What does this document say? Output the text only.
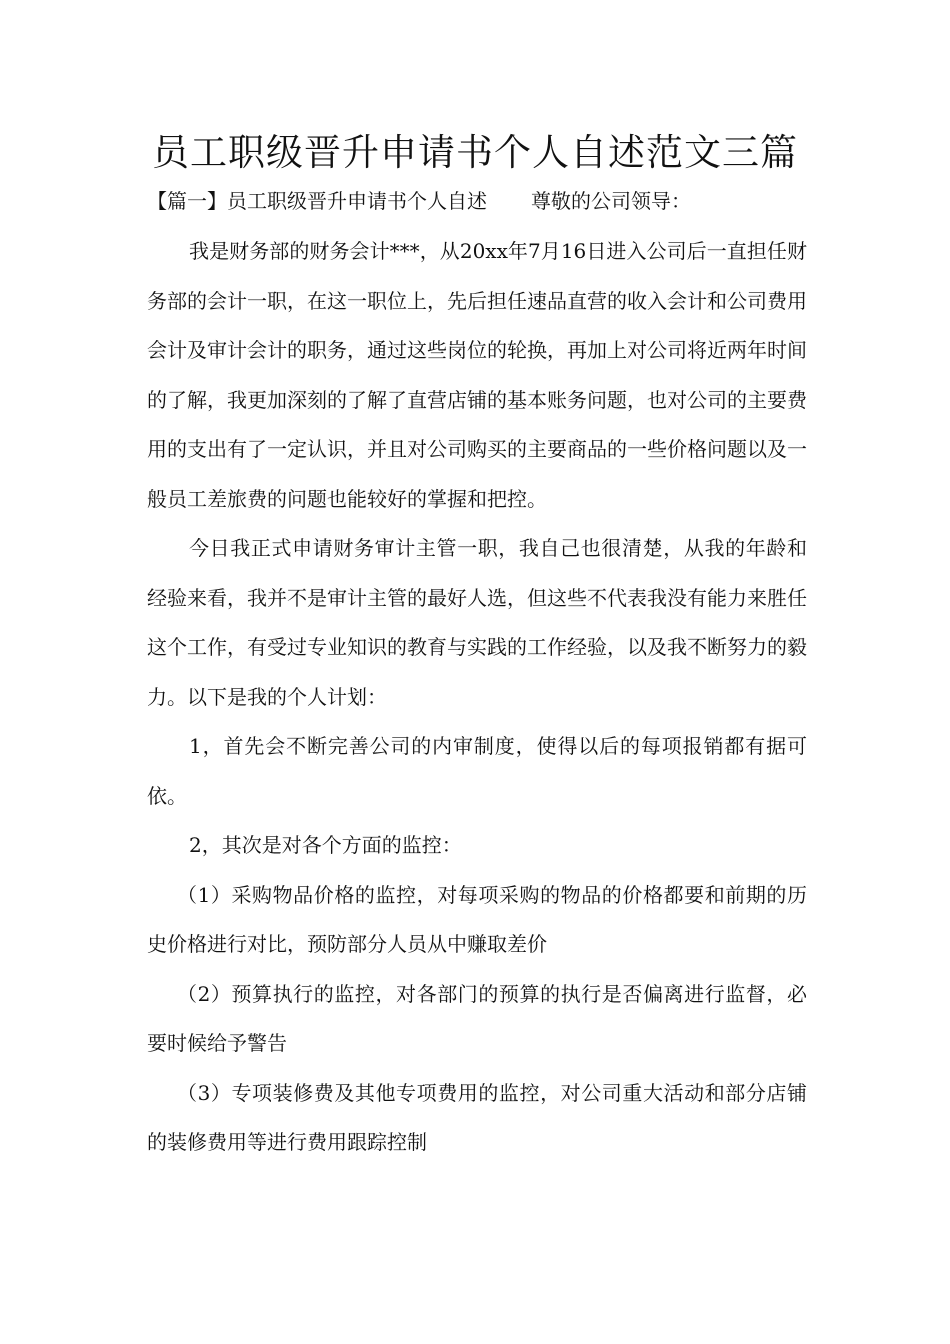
员工职级晋升申请书个人自述范文三篇
【篇一】员工职级晋升申请书个人自述 尊敬的公司领导：

我是财务部的财务会计***，从20xx年7月16日进入公司后一直担任财务部的会计一职，在这一职位上，先后担任速品直营的收入会计和公司费用会计及审计会计的职务，通过这些岗位的轮换，再加上对公司将近两年时间的了解，我更加深刻的了解了直营店铺的基本账务问题，也对公司的主要费用的支出有了一定认识，并且对公司购买的主要商品的一些价格问题以及一般员工差旅费的问题也能较好的掌握和把控。

今日我正式申请财务审计主管一职，我自己也很清楚，从我的年龄和经验来看，我并不是审计主管的最好人选，但这些不代表我没有能力来胜任这个工作，有受过专业知识的教育与实践的工作经验，以及我不断努力的毅力。以下是我的个人计划：

1，首先会不断完善公司的内审制度，使得以后的每项报销都有据可依。

2，其次是对各个方面的监控：

（1）采购物品价格的监控，对每项采购的物品的价格都要和前期的历史价格进行对比，预防部分人员从中赚取差价

（2）预算执行的监控，对各部门的预算的执行是否偏离进行监督，必要时候给予警告

（3）专项装修费及其他专项费用的监控，对公司重大活动和部分店铺的装修费用等进行费用跟踪控制
